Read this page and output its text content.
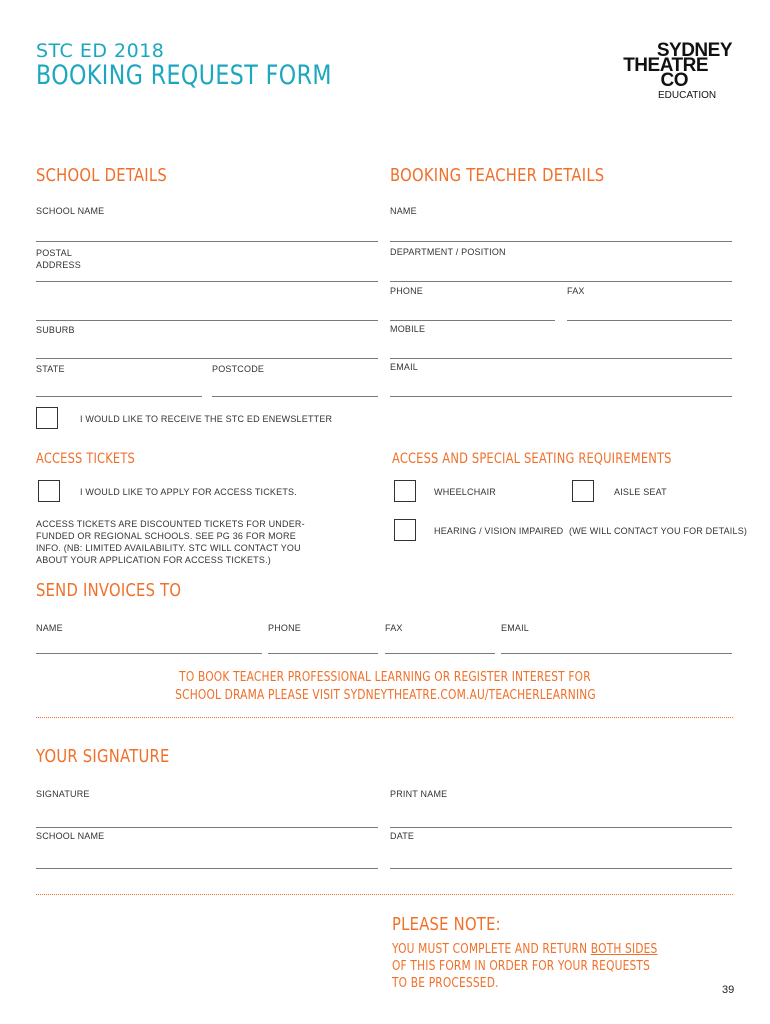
STC ED 2018
BOOKING REQUEST FORM
SYDNEY
THEATRE
CO
EDUCATION
SCHOOL DETAILS
SCHOOL NAME
POSTAL ADDRESS
SUBURB
STATE	POSTCODE
BOOKING TEACHER DETAILS
NAME
DEPARTMENT / POSITION
PHONE	FAX
MOBILE
EMAIL
I WOULD LIKE TO RECEIVE THE STC ED ENEWSLETTER
ACCESS TICKETS
I WOULD LIKE TO APPLY FOR ACCESS TICKETS.
ACCESS TICKETS ARE DISCOUNTED TICKETS FOR UNDER-FUNDED OR REGIONAL SCHOOLS. SEE PG 36 FOR MORE INFO. (NB: LIMITED AVAILABILITY. STC WILL CONTACT YOU ABOUT YOUR APPLICATION FOR ACCESS TICKETS.)
ACCESS AND SPECIAL SEATING REQUIREMENTS
WHEELCHAIR	AISLE SEAT
HEARING / VISION IMPAIRED (WE WILL CONTACT YOU FOR DETAILS)
SEND INVOICES TO
NAME	PHONE	FAX	EMAIL
TO BOOK TEACHER PROFESSIONAL LEARNING OR REGISTER INTEREST FOR
SCHOOL DRAMA PLEASE VISIT SYDNEYTHEATRE.COM.AU/TEACHERLEARNING
YOUR SIGNATURE
SIGNATURE	PRINT NAME
SCHOOL NAME	DATE
PLEASE NOTE:
YOU MUST COMPLETE AND RETURN BOTH SIDES
OF THIS FORM IN ORDER FOR YOUR REQUESTS
TO BE PROCESSED.	39
